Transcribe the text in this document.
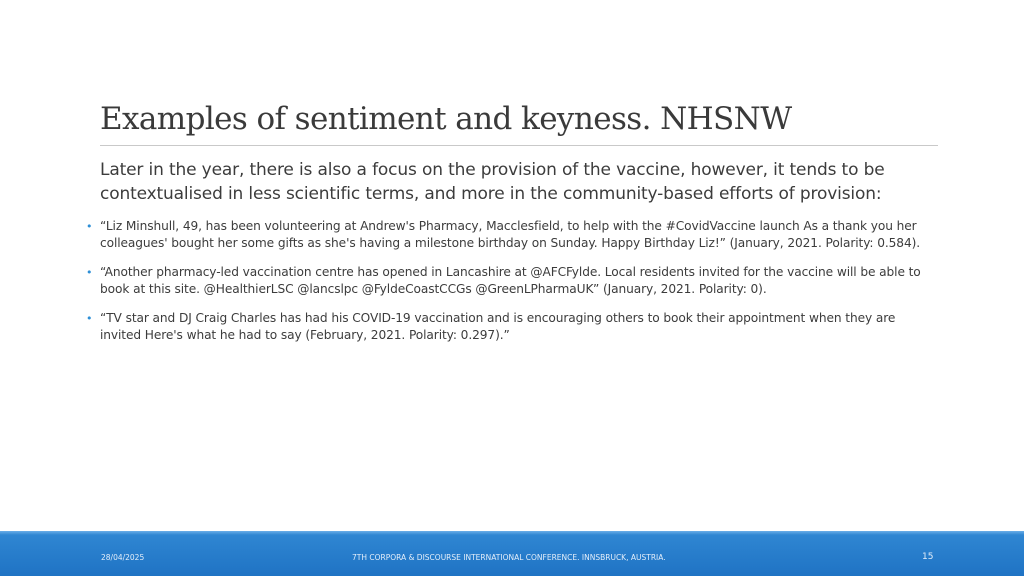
Examples of sentiment and keyness. NHSNW

Later in the year, there is also a focus on the provision of the vaccine, however, it tends to be contextualised in less scientific terms, and more in the community-based efforts of provision:

• “Liz Minshull, 49, has been volunteering at Andrew's Pharmacy, Macclesfield, to help with the #CovidVaccine launch As a thank you her colleagues' bought her some gifts as she's having a milestone birthday on Sunday. Happy Birthday Liz!” (January, 2021. Polarity: 0.584).
• “Another pharmacy-led vaccination centre has opened in Lancashire at @AFCFylde. Local residents invited for the vaccine will be able to book at this site. @HealthierLSC @lancslpc @FyldeCoastCCGs @GreenLPharmaUK” (January, 2021. Polarity: 0).
• “TV star and DJ Craig Charles has had his COVID-19 vaccination and is encouraging others to book their appointment when they are invited Here's what he had to say (February, 2021. Polarity: 0.297).”
28/04/2025	7TH CORPORA & DISCOURSE INTERNATIONAL CONFERENCE. INNSBRUCK, AUSTRIA.	15
